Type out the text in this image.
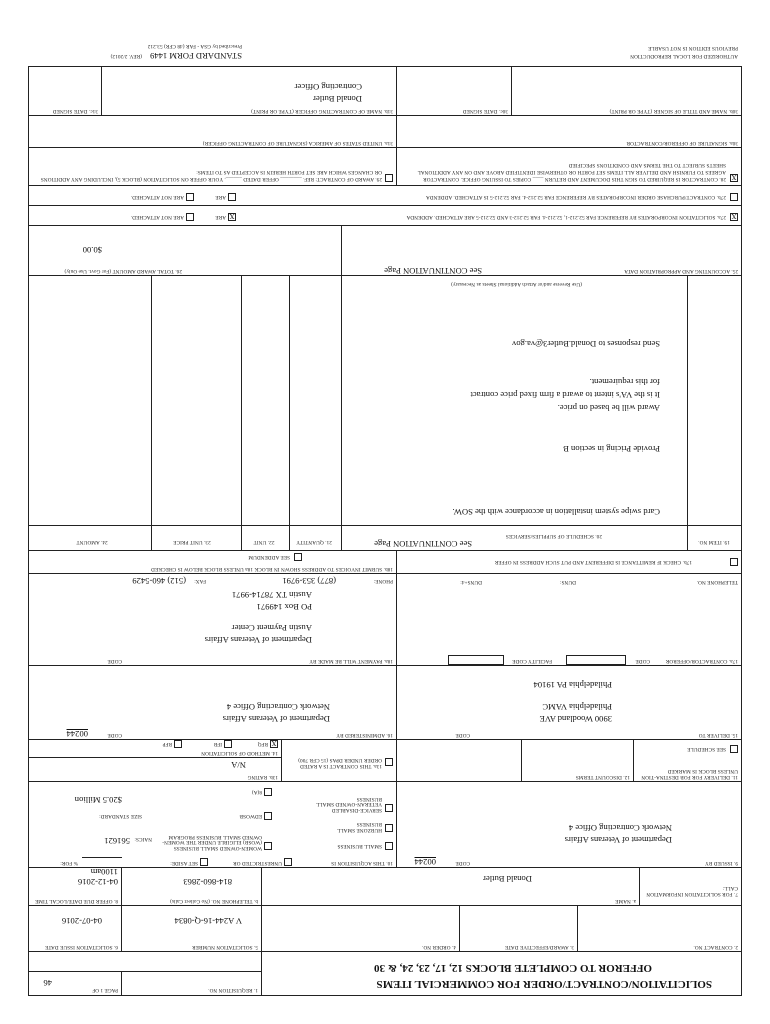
SOLICITATION/CONTRACT/ORDER FOR COMMERCIAL ITEMS
OFFEROR TO COMPLETE BLOCKS 12, 17, 23, 24, & 30
1. REQUISITION NO.
PAGE 1 OF
46
2. CONTRACT NO.
3. AWARD/EFFECTIVE DATE
4. ORDER NO.
5. SOLICITATION NUMBER
V A244-16-Q-0834
6. SOLICITATION ISSUE DATE
04-07-2016
7. FOR SOLICITATION INFORMATION CALL:
a. NAME
Donald Butler
b. TELEPHONE NO. (No Collect Calls)
814-860-2863
8. OFFER DUE DATE/LOCAL TIME
04-12-2016
1100am
9. ISSUED BY
CODE
00244
Department of Veterans Affairs
Network Contracting Office 4
10. THIS ACQUISITION IS
UNRESTRICTED OR
SET ASIDE:
% FOR:
SMALL BUSINESS
WOMEN-OWNED SMALL BUSINESS (WOSB) ELIGIBLE UNDER THE WOMEN-OWNED SMALL BUSINESS PROGRAM
HUBZONE SMALL BUSINESS
EDWOSB
SERVICE-DISABLED VETERAN-OWNED SMALL BUSINESS
8(A)
NAICS:
561621
SIZE STANDARD:
$20.5 Million
11. DELIVERY FOR FOB DESTINA-TION UNLESS BLOCK IS MARKED
SEE SCHEDULE
12. DISCOUNT TERMS
13a. THIS CONTRACT IS A RATED ORDER UNDER DPAS (15 CFR 700)
13b. RATING
N/A
14. METHOD OF SOLICITATION
X
RFQ
IFB
RFP
15. DELIVER TO
CODE
3900 Woodland AVE
Philadelphia VAMC
Philadelphia PA 19104
16. ADMINISTERED BY
CODE
00244
Department of Veterans Affairs
Network Contracting Office 4
17a. CONTRACTOR/OFFEROR
CODE
FACILITY CODE
TELEPHONE NO.
DUNS:
DUNS+4:
17b. CHECK IF REMITTANCE IS DIFFERENT AND PUT SUCH ADDRESS IN OFFER
18a. PAYMENT WILL BE MADE BY
CODE
Department of Veterans Affairs
Austin Payment Center
PO Box 149971
Austin TX 78714-9971
PHONE:
(877) 353-9791
FAX:
(512) 460-5429
18b. SUBMIT INVOICES TO ADDRESS SHOWN IN BLOCK 18a UNLESS BLOCK BELOW IS CHECKED
SEE ADDENDUM
19. ITEM NO.
20. SCHEDULE OF SUPPLIES/SERVICES
See CONTINUATION Page
21. QUANTITY
22. UNIT
23. UNIT PRICE
24. AMOUNT
Card swipe system installation in accordance with the SOW.
Provide Pricing in section B
Award will be based on price.
It is the VA's intent to award a firm fixed price contract
for this requirement.
Send responses to Donald.Butler3@va.gov
(Use Reverse and/or Attach Additional Sheets as Necessary)
25. ACCOUNTING AND APPROPRIATION DATA
See CONTINUATION Page
26. TOTAL AWARD AMOUNT (For Govt. Use Only)
$0.00
X
27a. SOLICITATION INCORPORATES BY REFERENCE FAR 52.212-1, 52.212-4. FAR 52.212-3 AND 52.212-5 ARE ATTACHED. ADDENDA
X
ARE
ARE NOT ATTACHED.
27b. CONTRACT/PURCHASE ORDER INCORPORATES BY REFERENCE FAR 52.212-4. FAR 52.212-5 IS ATTACHED. ADDENDA
ARE
ARE NOT ATTACHED.
X
28. CONTRACTOR IS REQUIRED TO SIGN THIS DOCUMENT AND RETURN ____ COPIES TO ISSUING OFFICE. CONTRACTOR AGREES TO FURNISH AND DELIVER ALL ITEMS SET FORTH OR OTHERWISE IDENTIFIED ABOVE AND ON ANY ADDITIONAL SHEETS SUBJECT TO THE TERMS AND CONDITIONS SPECIFIED
29. AWARD OF CONTRACT: REF. ________ OFFER DATED ______. YOUR OFFER ON SOLICITATION (BLOCK 5), INCLUDING ANY ADDITIONS OR CHANGES WHICH ARE SET FORTH HEREIN IS ACCEPTED AS TO ITEMS:
30a. SIGNATURE OF OFFEROR/CONTRACTOR
31a. UNITED STATES OF AMERICA (SIGNATURE OF CONTRACTING OFFICER)
30b. NAME AND TITLE OF SIGNER (TYPE OR PRINT)
30c. DATE SIGNED
31b. NAME OF CONTRACTING OFFICER (TYPE OR PRINT)
Donald Butler
Contracting Officer
31c. DATE SIGNED
AUTHORIZED FOR LOCAL REPRODUCTION
PREVIOUS EDITION IS NOT USABLE
STANDARD FORM 1449
(REV. 2/2012)
Prescribed by GSA - FAR (48 CFR) 53.212
